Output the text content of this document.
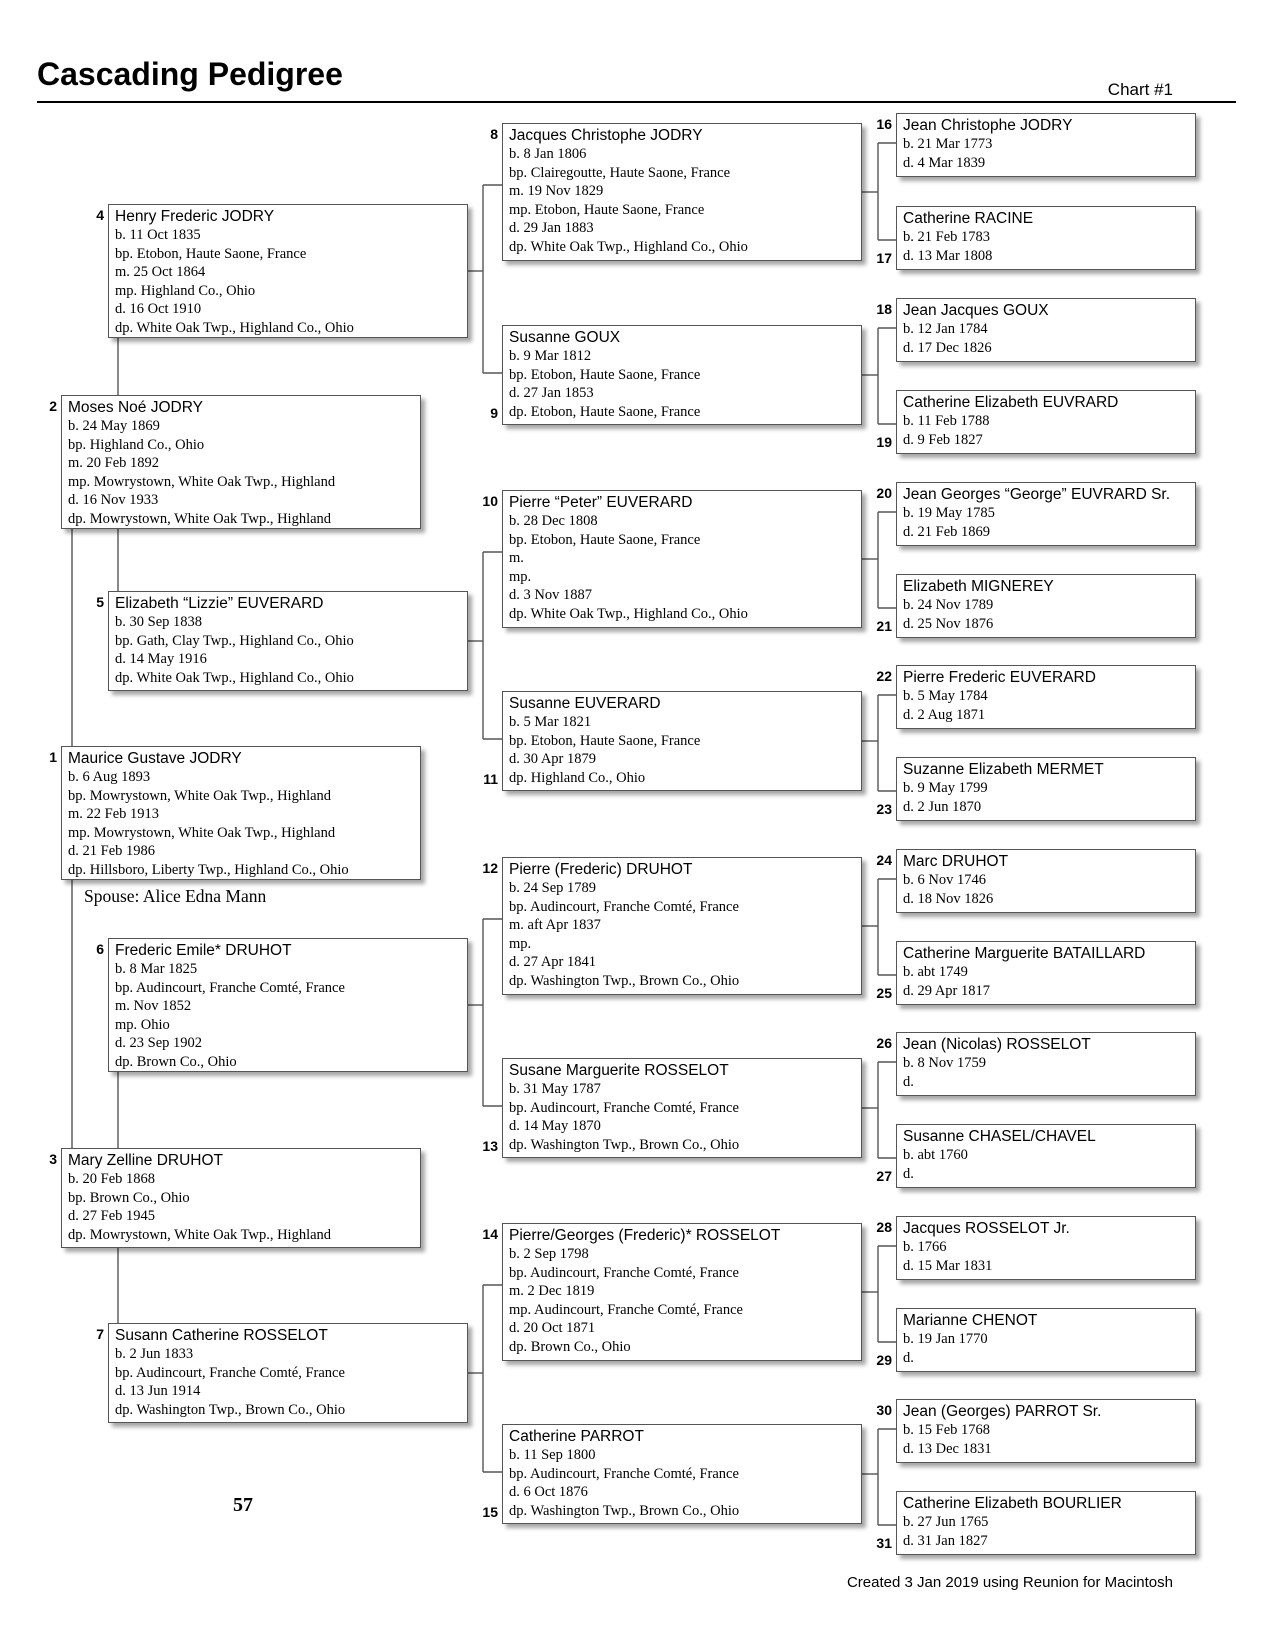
Cascading Pedigree	Chart #1
Maurice Gustave JODRY
b. 6 Aug 1893
bp. Mowrystown, White Oak Twp., Highland
m. 22 Feb 1913
mp. Mowrystown, White Oak Twp., Highland
d. 21 Feb 1986
dp. Hillsboro, Liberty Twp., Highland Co., Ohio
1
Moses Noé JODRY
b. 24 May 1869
bp. Highland Co., Ohio
m. 20 Feb 1892
mp. Mowrystown, White Oak Twp., Highland
d. 16 Nov 1933
dp. Mowrystown, White Oak Twp., Highland
2
Mary Zelline DRUHOT
b. 20 Feb 1868
bp. Brown Co., Ohio
d. 27 Feb 1945
dp. Mowrystown, White Oak Twp., Highland
3
Henry Frederic JODRY
b. 11 Oct 1835
bp. Etobon, Haute Saone, France
m. 25 Oct 1864
mp. Highland Co., Ohio
d. 16 Oct 1910
dp. White Oak Twp., Highland Co., Ohio
4
Elizabeth “Lizzie” EUVERARD
b. 30 Sep 1838
bp. Gath, Clay Twp., Highland Co., Ohio
d. 14 May 1916
dp. White Oak Twp., Highland Co., Ohio
5
Frederic Emile* DRUHOT
b. 8 Mar 1825
bp. Audincourt, Franche Comté, France
m. Nov 1852
mp. Ohio
d. 23 Sep 1902
dp. Brown Co., Ohio
6
Susann Catherine ROSSELOT
b. 2 Jun 1833
bp. Audincourt, Franche Comté, France
d. 13 Jun 1914
dp. Washington Twp., Brown Co., Ohio
7
Jacques Christophe JODRY
b. 8 Jan 1806
bp. Clairegoutte, Haute Saone, France
m. 19 Nov 1829
mp. Etobon, Haute Saone, France
d. 29 Jan 1883
dp. White Oak Twp., Highland Co., Ohio
8
Susanne GOUX
b. 9 Mar 1812
bp. Etobon, Haute Saone, France
d. 27 Jan 1853
dp. Etobon, Haute Saone, France
9
Pierre “Peter” EUVERARD
b. 28 Dec 1808
bp. Etobon, Haute Saone, France
m.
mp.
d. 3 Nov 1887
dp. White Oak Twp., Highland Co., Ohio
10
Susanne EUVERARD
b. 5 Mar 1821
bp. Etobon, Haute Saone, France
d. 30 Apr 1879
dp. Highland Co., Ohio
11
Pierre (Frederic) DRUHOT
b. 24 Sep 1789
bp. Audincourt, Franche Comté, France
m. aft Apr 1837
mp.
d. 27 Apr 1841
dp. Washington Twp., Brown Co., Ohio
12
Susane Marguerite ROSSELOT
b. 31 May 1787
bp. Audincourt, Franche Comté, France
d. 14 May 1870
dp. Washington Twp., Brown Co., Ohio
13
Pierre/Georges (Frederic)* ROSSELOT
b. 2 Sep 1798
bp. Audincourt, Franche Comté, France
m. 2 Dec 1819
mp. Audincourt, Franche Comté, France
d. 20 Oct 1871
dp. Brown Co., Ohio
14
Catherine PARROT
b. 11 Sep 1800
bp. Audincourt, Franche Comté, France
d. 6 Oct 1876
dp. Washington Twp., Brown Co., Ohio
15
Jean Christophe JODRY
b. 21 Mar 1773
d. 4 Mar 1839
16
Catherine RACINE
b. 21 Feb 1783
d. 13 Mar 1808
17
Jean Jacques GOUX
b. 12 Jan 1784
d. 17 Dec 1826
18
Catherine Elizabeth EUVRARD
b. 11 Feb 1788
d. 9 Feb 1827
19
Jean Georges “George” EUVRARD Sr.
b. 19 May 1785
d. 21 Feb 1869
20
Elizabeth MIGNEREY
b. 24 Nov 1789
d. 25 Nov 1876
21
Pierre Frederic EUVERARD
b. 5 May 1784
d. 2 Aug 1871
22
Suzanne Elizabeth MERMET
b. 9 May 1799
d. 2 Jun 1870
23
Marc DRUHOT
b. 6 Nov 1746
d. 18 Nov 1826
24
Catherine Marguerite BATAILLARD
b. abt 1749
d. 29 Apr 1817
25
Jean (Nicolas) ROSSELOT
b. 8 Nov 1759
d.
26
Susanne CHASEL/CHAVEL
b. abt 1760
d.
27
Jacques ROSSELOT Jr.
b. 1766
d. 15 Mar 1831
28
Marianne CHENOT
b. 19 Jan 1770
d.
29
Jean (Georges) PARROT Sr.
b. 15 Feb 1768
d. 13 Dec 1831
30
Catherine Elizabeth BOURLIER
b. 27 Jun 1765
d. 31 Jan 1827
31
Spouse: Alice Edna Mann
57
Created 3 Jan 2019 using Reunion for Macintosh
